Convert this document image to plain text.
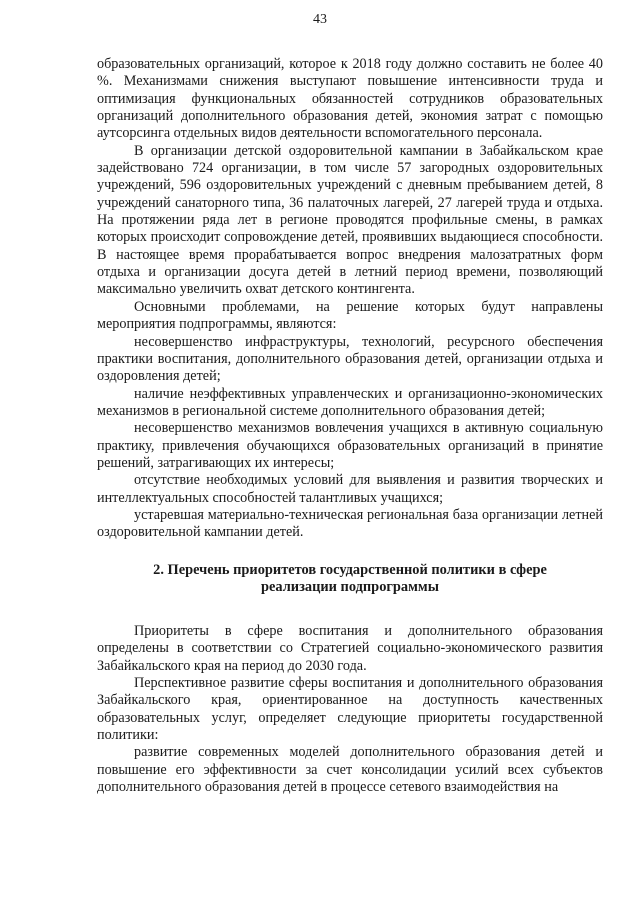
43

образовательных организаций, которое к 2018 году должно составить не более 40 %. Механизмами снижения выступают повышение интенсивности труда и оптимизация функциональных обязанностей сотрудников образовательных организаций дополнительного образования детей, экономия затрат с помощью аутсорсинга отдельных видов деятельности вспомогательного персонала.

В организации детской оздоровительной кампании в Забайкальском крае задействовано 724 организации, в том числе 57 загородных оздоровительных учреждений, 596 оздоровительных учреждений с дневным пребыванием детей, 8 учреждений санаторного типа, 36 палаточных лагерей, 27 лагерей труда и отдыха. На протяжении ряда лет в регионе проводятся профильные смены, в рамках которых происходит сопровождение детей, проявивших выдающиеся способности. В настоящее время прорабатывается вопрос внедрения малозатратных форм отдыха и организации досуга детей в летний период времени, позволяющий максимально увеличить охват детского контингента.

Основными проблемами, на решение которых будут направлены мероприятия подпрограммы, являются:

несовершенство инфраструктуры, технологий, ресурсного обеспечения практики воспитания, дополнительного образования детей, организации отдыха и оздоровления детей;

наличие неэффективных управленческих и организационно-экономических механизмов в региональной системе дополнительного образования детей;

несовершенство механизмов вовлечения учащихся в активную социальную практику, привлечения обучающихся образовательных организаций в принятие решений, затрагивающих их интересы;

отсутствие необходимых условий для выявления и развития творческих и интеллектуальных способностей талантливых учащихся;

устаревшая материально-техническая региональная база организации летней оздоровительной кампании детей.

2. Перечень приоритетов государственной политики в сфере
реализации подпрограммы

Приоритеты в сфере воспитания и дополнительного образования определены в соответствии со Стратегией социально-экономического развития Забайкальского края на период до 2030 года.

Перспективное развитие сферы воспитания и дополнительного образования Забайкальского края, ориентированное на доступность качественных образовательных услуг, определяет следующие приоритеты государственной политики:

развитие современных моделей дополнительного образования детей и повышение его эффективности за счет консолидации усилий всех субъектов дополнительного образования детей в процессе сетевого взаимодействия на
